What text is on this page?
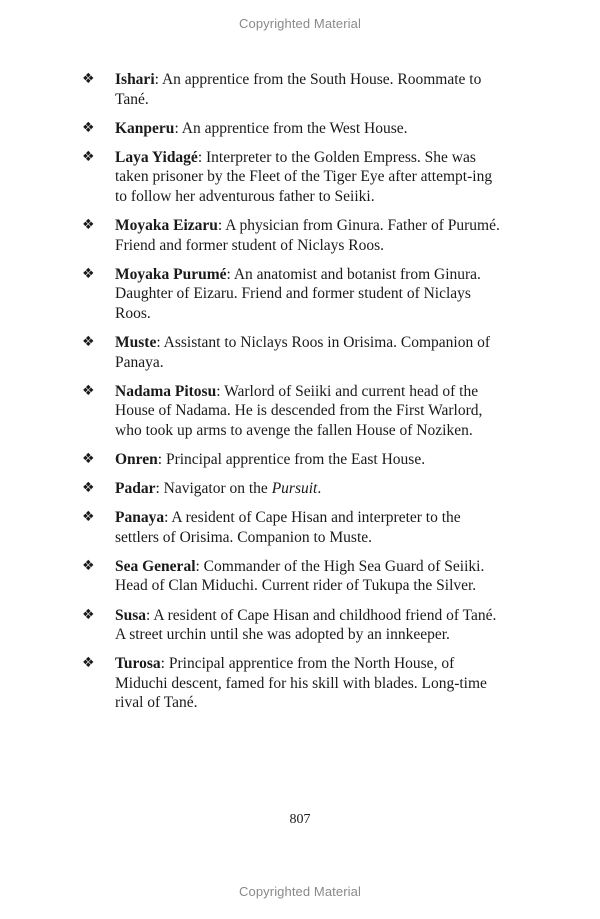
Copyrighted Material
❖	Ishari: An apprentice from the South House. Roommate to Tané.
❖	Kanperu: An apprentice from the West House.
❖	Laya Yidagé: Interpreter to the Golden Empress. She was taken prisoner by the Fleet of the Tiger Eye after attempt-ing to follow her adventurous father to Seiiki.
❖	Moyaka Eizaru: A physician from Ginura. Father of Purumé. Friend and former student of Niclays Roos.
❖	Moyaka Purumé: An anatomist and botanist from Ginura. Daughter of Eizaru. Friend and former student of Niclays Roos.
❖	Muste: Assistant to Niclays Roos in Orisima. Companion of Panaya.
❖	Nadama Pitosu: Warlord of Seiiki and current head of the House of Nadama. He is descended from the First Warlord, who took up arms to avenge the fallen House of Noziken.
❖	Onren: Principal apprentice from the East House.
❖	Padar: Navigator on the Pursuit.
❖	Panaya: A resident of Cape Hisan and interpreter to the settlers of Orisima. Companion to Muste.
❖	Sea General: Commander of the High Sea Guard of Seiiki. Head of Clan Miduchi. Current rider of Tukupa the Silver.
❖	Susa: A resident of Cape Hisan and childhood friend of Tané. A street urchin until she was adopted by an innkeeper.
❖	Turosa: Principal apprentice from the North House, of Miduchi descent, famed for his skill with blades. Long-time rival of Tané.
807
Copyrighted Material
